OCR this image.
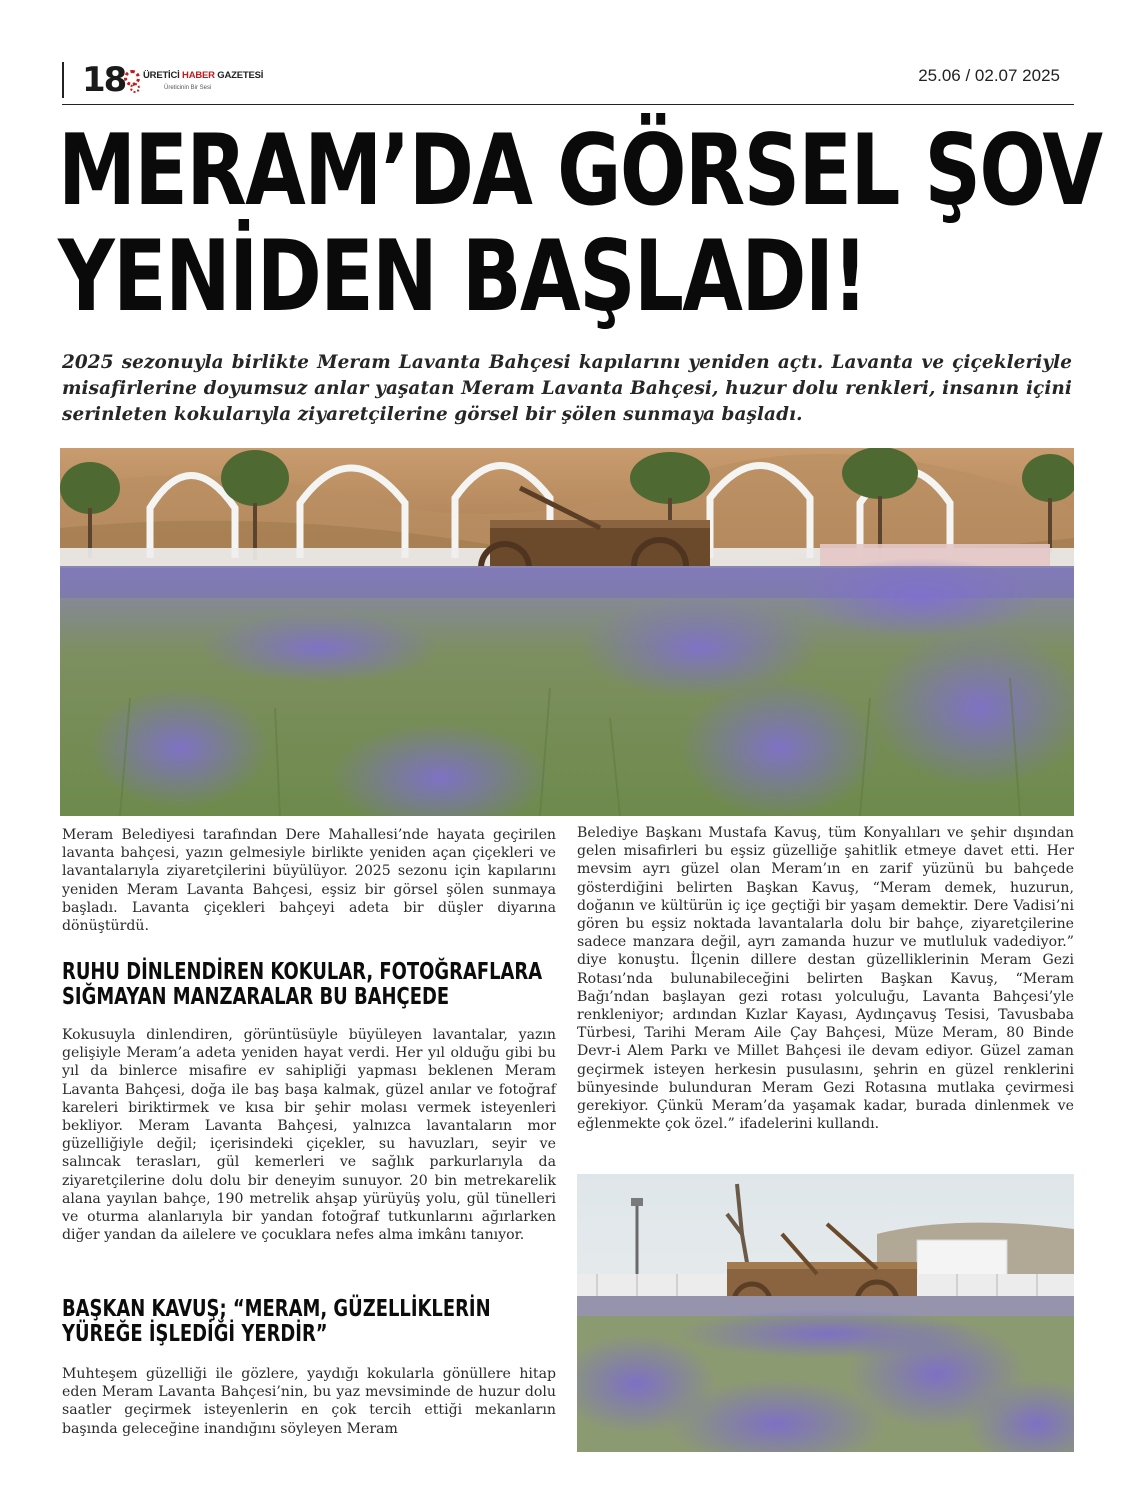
18 ÜRETİCİ HABER GAZETESİ
Üreticinin Bir Sesi
25.06 / 02.07 2025
MERAM’DA GÖRSEL ŞOV
YENİDEN BAŞLADI!

2025 sezonuyla birlikte Meram Lavanta Bahçesi kapılarını yeniden açtı. Lavanta ve çiçekleriyle misafirlerine doyumsuz anlar yaşatan Meram Lavanta Bahçesi, huzur dolu renkleri, insanın içini serinleten kokularıyla ziyaretçilerine görsel bir şölen sunmaya başladı.

Meram Belediyesi tarafından Dere Mahallesi’nde hayata geçirilen lavanta bahçesi, yazın gelmesiyle birlikte yeniden açan çiçekleri ve lavantalarıyla ziyaretçilerini büyülüyor. 2025 sezonu için kapılarını yeniden Meram Lavanta Bahçesi, eşsiz bir görsel şölen sunmaya başladı. Lavanta çiçekleri bahçeyi adeta bir düşler diyarına dönüştürdü.

RUHU DİNLENDİREN KOKULAR, FOTOĞRAFLARA SIĞMAYAN MANZARALAR BU BAHÇEDE

Kokusuyla dinlendiren, görüntüsüyle büyüleyen lavantalar, yazın gelişiyle Meram’a adeta yeniden hayat verdi. Her yıl olduğu gibi bu yıl da binlerce misafire ev sahipliği yapması beklenen Meram Lavanta Bahçesi, doğa ile baş başa kalmak, güzel anılar ve fotoğraf kareleri biriktirmek ve kısa bir şehir molası vermek isteyenleri bekliyor. Meram Lavanta Bahçesi, yalnızca lavantaların mor güzelliğiyle değil; içerisindeki çiçekler, su havuzları, seyir ve salıncak terasları, gül kemerleri ve sağlık parkurlarıyla da ziyaretçilerine dolu dolu bir deneyim sunuyor. 20 bin metrekarelik alana yayılan bahçe, 190 metrelik ahşap yürüyüş yolu, gül tünelleri ve oturma alanlarıyla bir yandan fotoğraf tutkunlarını ağırlarken diğer yandan da ailelere ve çocuklara nefes alma imkânı tanıyor.

BAŞKAN KAVUŞ; “MERAM, GÜZELLİKLERİN YÜREĞE İŞLEDİĞİ YERDİR”

Muhteşem güzelliği ile gözlere, yaydığı kokularla gönüllere hitap eden Meram Lavanta Bahçesi’nin, bu yaz mevsiminde de huzur dolu saatler geçirmek isteyenlerin en çok tercih ettiği mekanların başında geleceğine inandığını söyleyen Meram

Belediye Başkanı Mustafa Kavuş, tüm Konyalıları ve şehir dışından gelen misafirleri bu eşsiz güzelliğe şahitlik etmeye davet etti. Her mevsim ayrı güzel olan Meram’ın en zarif yüzünü bu bahçede gösterdiğini belirten Başkan Kavuş, “Meram demek, huzurun, doğanın ve kültürün iç içe geçtiği bir yaşam demektir. Dere Vadisi’ni gören bu eşsiz noktada lavantalarla dolu bir bahçe, ziyaretçilerine sadece manzara değil, ayrı zamanda huzur ve mutluluk vadediyor.” diye konuştu. İlçenin dillere destan güzelliklerinin Meram Gezi Rotası’nda bulunabileceğini belirten Başkan Kavuş, “Meram Bağı’ndan başlayan gezi rotası yolculuğu, Lavanta Bahçesi’yle renkleniyor; ardından Kızlar Kayası, Aydınçavuş Tesisi, Tavusbaba Türbesi, Tarihi Meram Aile Çay Bahçesi, Müze Meram, 80 Binde Devr-i Alem Parkı ve Millet Bahçesi ile devam ediyor. Güzel zaman geçirmek isteyen herkesin pusulasını, şehrin en güzel renklerini bünyesinde bulunduran Meram Gezi Rotasına mutlaka çevirmesi gerekiyor. Çünkü Meram’da yaşamak kadar, burada dinlenmek ve eğlenmekte çok özel.” ifadelerini kullandı.
